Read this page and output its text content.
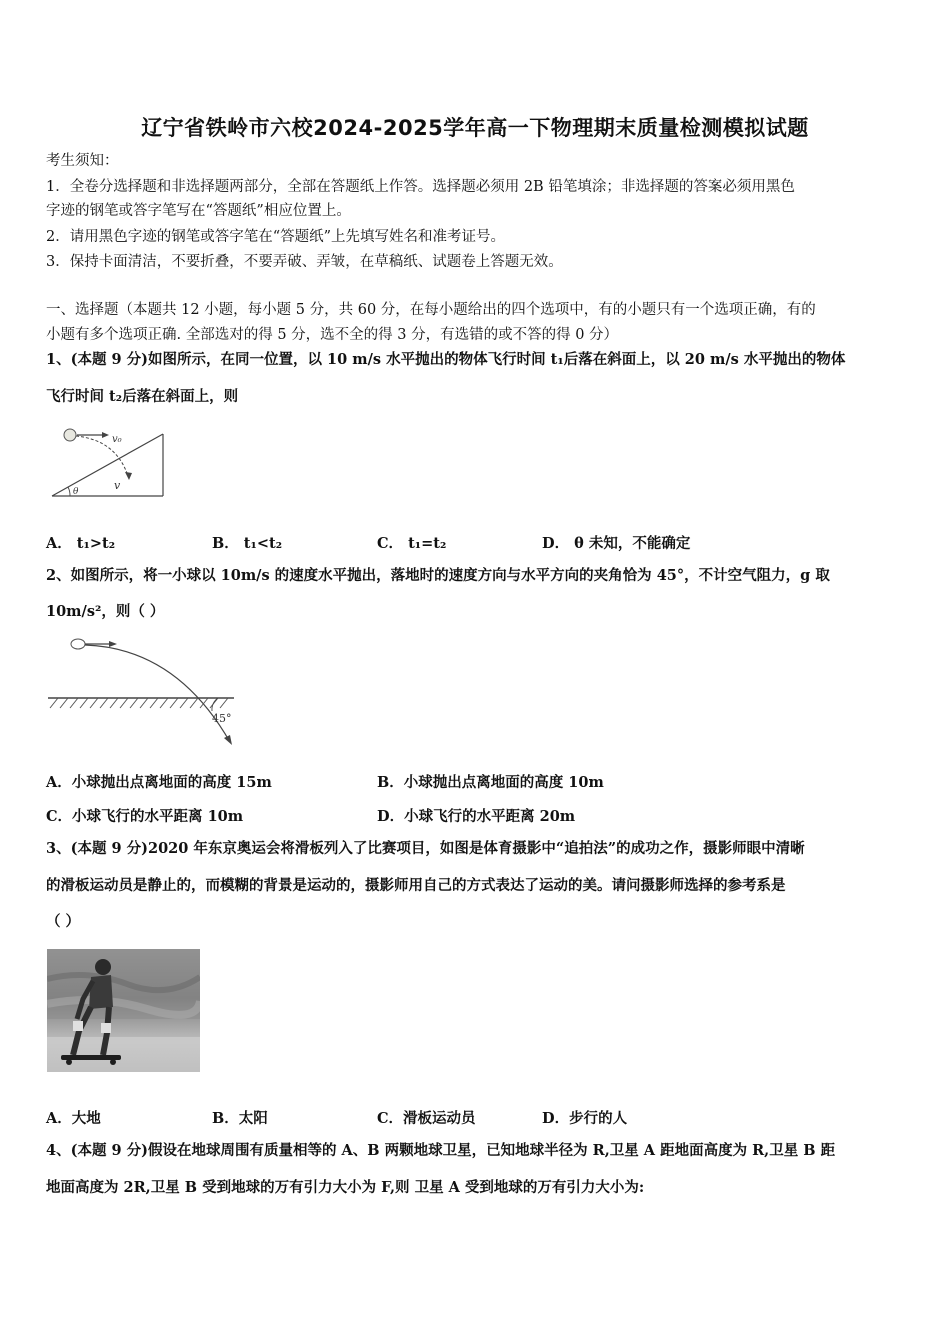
辽宁省铁岭市六校2024-2025学年高一下物理期末质量检测模拟试题
考生须知：
1．全卷分选择题和非选择题两部分，全部在答题纸上作答。选择题必须用 2B 铅笔填涂；非选择题的答案必须用黑色
字迹的钢笔或答字笔写在“答题纸”相应位置上。
2．请用黑色字迹的钢笔或答字笔在“答题纸”上先填写姓名和准考证号。
3．保持卡面清洁，不要折叠，不要弄破、弄皱，在草稿纸、试题卷上答题无效。
一、选择题（本题共 12 小题，每小题 5 分，共 60 分，在每小题给出的四个选项中，有的小题只有一个选项正确，有的
小题有多个选项正确. 全部选对的得 5 分，选不全的得 3 分，有选错的或不答的得 0 分）
1、(本题 9 分)如图所示，在同一位置，以 10 m/s 水平抛出的物体飞行时间 t₁后落在斜面上，以 20 m/s 水平抛出的物体
飞行时间 t₂后落在斜面上，则
v₀
v
θ
A． t₁>t₂	B． t₁<t₂	C． t₁=t₂	D． θ 未知，不能确定
2、如图所示，将一小球以 10m/s 的速度水平抛出，落地时的速度方向与水平方向的夹角恰为 45°，不计空气阻力，g 取
10m/s²，则（ ）
45°
A．小球抛出点离地面的高度 15m	B．小球抛出点离地面的高度 10m
C．小球飞行的水平距离 10m	D．小球飞行的水平距离 20m
3、(本题 9 分)2020 年东京奥运会将滑板列入了比赛项目，如图是体育摄影中“追拍法”的成功之作，摄影师眼中清晰
的滑板运动员是静止的，而模糊的背景是运动的，摄影师用自己的方式表达了运动的美。请问摄影师选择的参考系是
（ ）
A．大地	B．太阳	C．滑板运动员	D．步行的人
4、(本题 9 分)假设在地球周围有质量相等的 A、B 两颗地球卫星，已知地球半径为 R,卫星 A 距地面高度为 R,卫星 B 距
地面高度为 2R,卫星 B 受到地球的万有引力大小为 F,则 卫星 A 受到地球的万有引力大小为:
